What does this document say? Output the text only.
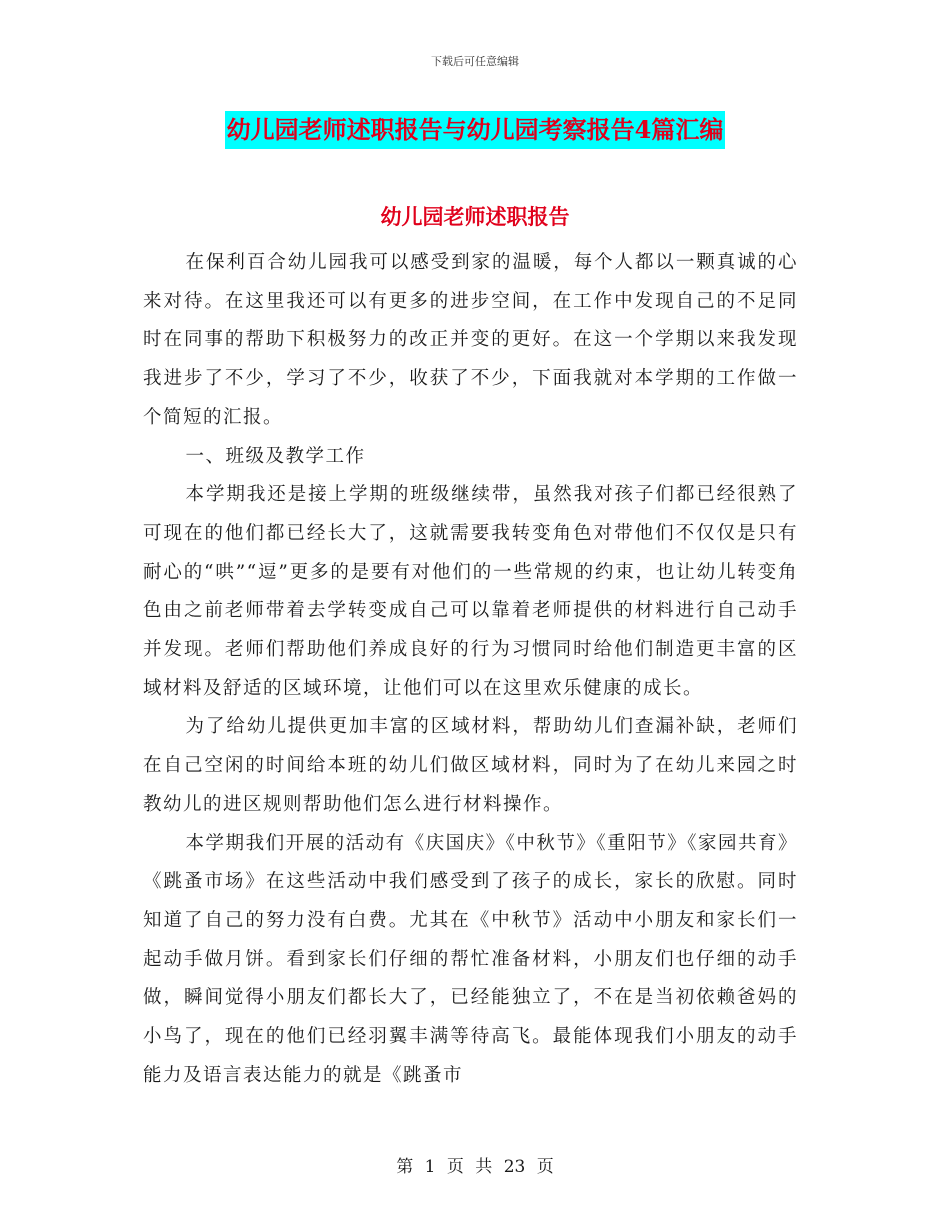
下载后可任意编辑
幼儿园老师述职报告与幼儿园考察报告4篇汇编
幼儿园老师述职报告

在保利百合幼儿园我可以感受到家的温暖，每个人都以一颗真诚的心来对待。在这里我还可以有更多的进步空间，在工作中发现自己的不足同时在同事的帮助下积极努力的改正并变的更好。在这一个学期以来我发现我进步了不少，学习了不少，收获了不少，下面我就对本学期的工作做一个简短的汇报。

一、班级及教学工作

本学期我还是接上学期的班级继续带，虽然我对孩子们都已经很熟了可现在的他们都已经长大了，这就需要我转变角色对带他们不仅仅是只有耐心的“哄”“逗”更多的是要有对他们的一些常规的约束，也让幼儿转变角色由之前老师带着去学转变成自己可以靠着老师提供的材料进行自己动手并发现。老师们帮助他们养成良好的行为习惯同时给他们制造更丰富的区域材料及舒适的区域环境，让他们可以在这里欢乐健康的成长。

为了给幼儿提供更加丰富的区域材料，帮助幼儿们查漏补缺，老师们在自己空闲的时间给本班的幼儿们做区域材料，同时为了在幼儿来园之时教幼儿的进区规则帮助他们怎么进行材料操作。

本学期我们开展的活动有《庆国庆》《中秋节》《重阳节》《家园共育》《跳蚤市场》在这些活动中我们感受到了孩子的成长，家长的欣慰。同时知道了自己的努力没有白费。尤其在《中秋节》活动中小朋友和家长们一起动手做月饼。看到家长们仔细的帮忙准备材料，小朋友们也仔细的动手做，瞬间觉得小朋友们都长大了，已经能独立了，不在是当初依赖爸妈的小鸟了，现在的他们已经羽翼丰满等待高飞。最能体现我们小朋友的动手能力及语言表达能力的就是《跳蚤市

第 1 页 共 23 页
